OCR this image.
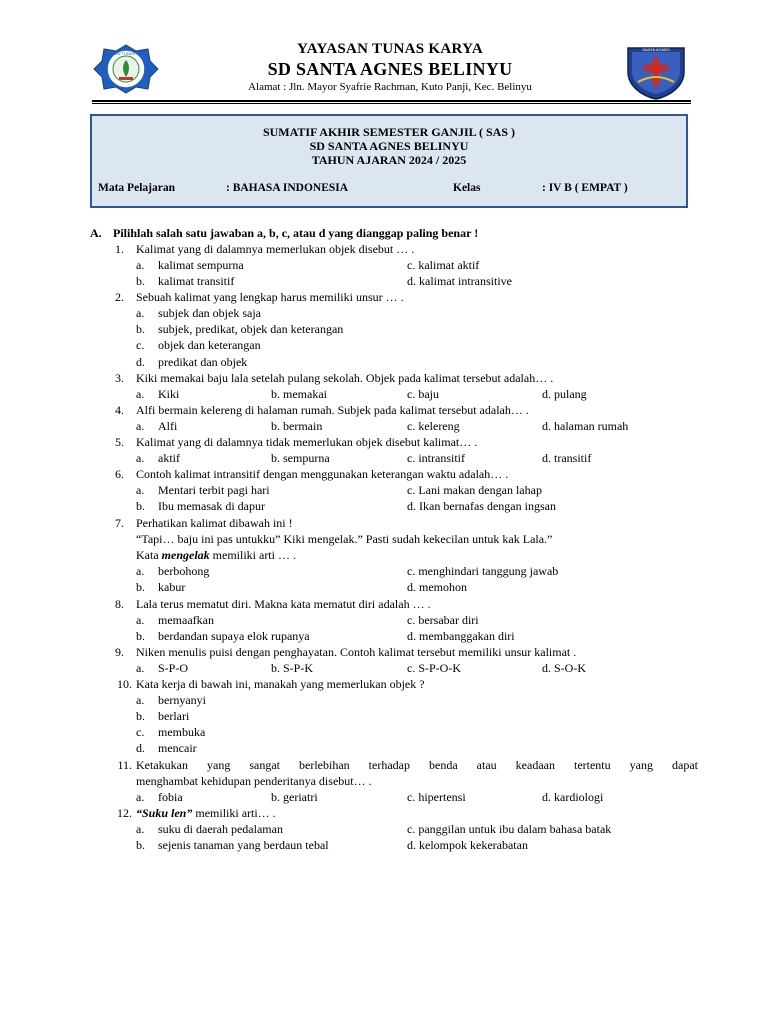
YAYASAN TUNAS KARYA
SANTA AGNES
YAYASAN TUNAS KARYA
SD SANTA AGNES BELINYU
Alamat : Jln. Mayor Syafrie Rachman, Kuto Panji, Kec. Belinyu
SUMATIF AKHIR SEMESTER GANJIL ( SAS )
SD SANTA AGNES BELINYU
TAHUN AJARAN 2024 / 2025
Mata Pelajaran	: BAHASA INDONESIA	Kelas	: IV B ( EMPAT )
A. Pilihlah salah satu jawaban a, b, c, atau d yang dianggap paling benar !
1. Kalimat yang di dalamnya memerlukan objek disebut … .
a. kalimat sempurna	c. kalimat aktif
b. kalimat transitif	d. kalimat intransitive
2. Sebuah kalimat yang lengkap harus memiliki unsur … .
a. subjek dan objek saja
b. subjek, predikat, objek dan keterangan
c. objek dan keterangan
d. predikat dan objek
3. Kiki memakai baju lala setelah pulang sekolah. Objek pada kalimat tersebut adalah… .
a. Kiki	b. memakai	c. baju	d. pulang
4. Alfi bermain kelereng di halaman rumah. Subjek pada kalimat tersebut adalah… .
a. Alfi	b. bermain	c. kelereng	d. halaman rumah
5. Kalimat yang di dalamnya tidak memerlukan objek disebut kalimat… .
a. aktif	b. sempurna	c. intransitif	d. transitif
6. Contoh kalimat intransitif dengan menggunakan keterangan waktu adalah… .
a. Mentari terbit pagi hari	c. Lani makan dengan lahap
b. Ibu memasak di dapur	d. Ikan bernafas dengan ingsan
7. Perhatikan kalimat dibawah ini !
“Tapi… baju ini pas untukku” Kiki mengelak.” Pasti sudah kekecilan untuk kak Lala.”
Kata mengelak memiliki arti … .
a. berbohong	c. menghindari tanggung jawab
b. kabur	d. memohon
8. Lala terus mematut diri. Makna kata mematut diri adalah … .
a. memaafkan	c. bersabar diri
b. berdandan supaya elok rupanya	d. membanggakan diri
9. Niken menulis puisi dengan penghayatan. Contoh kalimat tersebut memiliki unsur kalimat .
a. S-P-O	b. S-P-K	c. S-P-O-K	d. S-O-K
10. Kata kerja di bawah ini, manakah yang memerlukan objek ?
a. bernyanyi
b. berlari
c. membuka
d. mencair
11. Ketakukan yang sangat berlebihan terhadap benda atau keadaan tertentu yang dapat
menghambat kehidupan penderitanya disebut… .
a. fobia	b. geriatri	c. hipertensi	d. kardiologi
12. “Suku len” memiliki arti… .
a. suku di daerah pedalaman	c. panggilan untuk ibu dalam bahasa batak
b. sejenis tanaman yang berdaun tebal	d. kelompok kekerabatan
